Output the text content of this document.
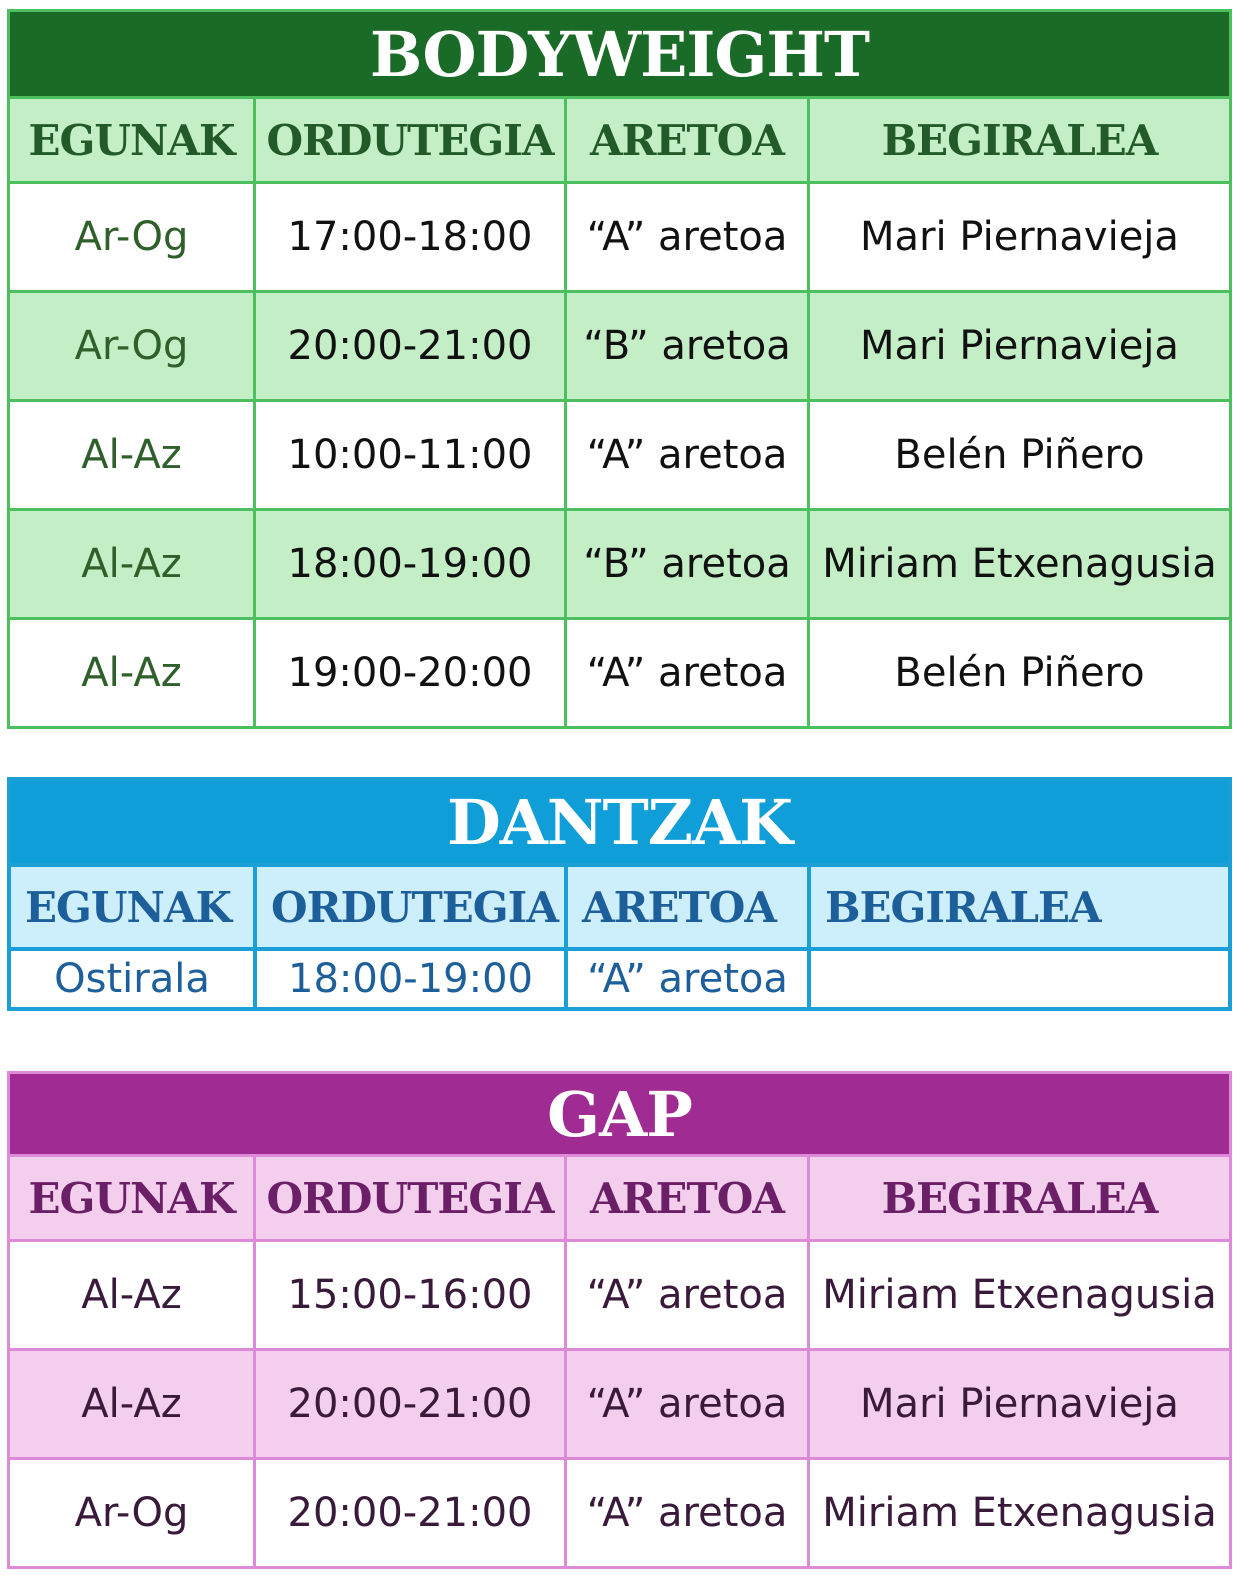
BODYWEIGHT			
EGUNAK	ORDUTEGIA	ARETOA	BEGIRALEA
Ar-Og	17:00-18:00	“A” aretoa	Mari Piernavieja
Ar-Og	20:00-21:00	“B” aretoa	Mari Piernavieja
Al-Az	10:00-11:00	“A” aretoa	Belén Piñero
Al-Az	18:00-19:00	“B” aretoa	Miriam Etxenagusia
Al-Az	19:00-20:00	“A” aretoa	Belén Piñero
DANTZAK			
EGUNAK	ORDUTEGIA	ARETOA	BEGIRALEA
Ostirala	18:00-19:00	“A” aretoa	
GAP			
EGUNAK	ORDUTEGIA	ARETOA	BEGIRALEA
Al-Az	15:00-16:00	“A” aretoa	Miriam Etxenagusia
Al-Az	20:00-21:00	“A” aretoa	Mari Piernavieja
Ar-Og	20:00-21:00	“A” aretoa	Miriam Etxenagusia
